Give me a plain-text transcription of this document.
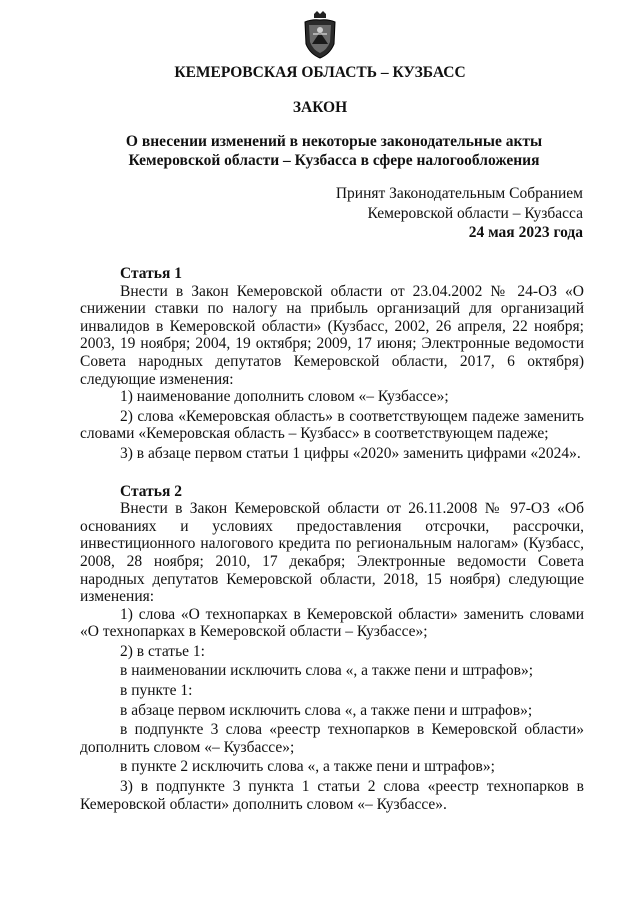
КЕМЕРОВСКАЯ ОБЛАСТЬ – КУЗБАСС
ЗАКОН
О внесении изменений в некоторые законодательные акты
Кемеровской области – Кузбасса в сфере налогообложения
Принят Законодательным Собранием
Кемеровской области – Кузбасса
24 мая 2023 года
Статья 1

Внести в Закон Кемеровской области от 23.04.2002 № 24-ОЗ «О снижении ставки по налогу на прибыль организаций для организаций инвалидов в Кемеровской области» (Кузбасс, 2002, 26 апреля, 22 ноября; 2003, 19 ноября; 2004, 19 октября; 2009, 17 июня; Электронные ведомости Совета народных депутатов Кемеровской области, 2017, 6 октября) следующие изменения:

1) наименование дополнить словом «– Кузбассе»;

2) слова «Кемеровская область» в соответствующем падеже заменить словами «Кемеровская область – Кузбасс» в соответствующем падеже;

3) в абзаце первом статьи 1 цифры «2020» заменить цифрами «2024».

Статья 2

Внести в Закон Кемеровской области от 26.11.2008 № 97-ОЗ «Об основаниях и условиях предоставления отсрочки, рассрочки, инвестиционного налогового кредита по региональным налогам» (Кузбасс, 2008, 28 ноября; 2010, 17 декабря; Электронные ведомости Совета народных депутатов Кемеровской области, 2018, 15 ноября) следующие изменения:

1) слова «О технопарках в Кемеровской области» заменить словами «О технопарках в Кемеровской области – Кузбассе»;

2) в статье 1:

в наименовании исключить слова «, а также пени и штрафов»;

в пункте 1:

в абзаце первом исключить слова «, а также пени и штрафов»;

в подпункте 3 слова «реестр технопарков в Кемеровской области» дополнить словом «– Кузбассе»;

в пункте 2 исключить слова «, а также пени и штрафов»;

3) в подпункте 3 пункта 1 статьи 2 слова «реестр технопарков в Кемеровской области» дополнить словом «– Кузбассе».
